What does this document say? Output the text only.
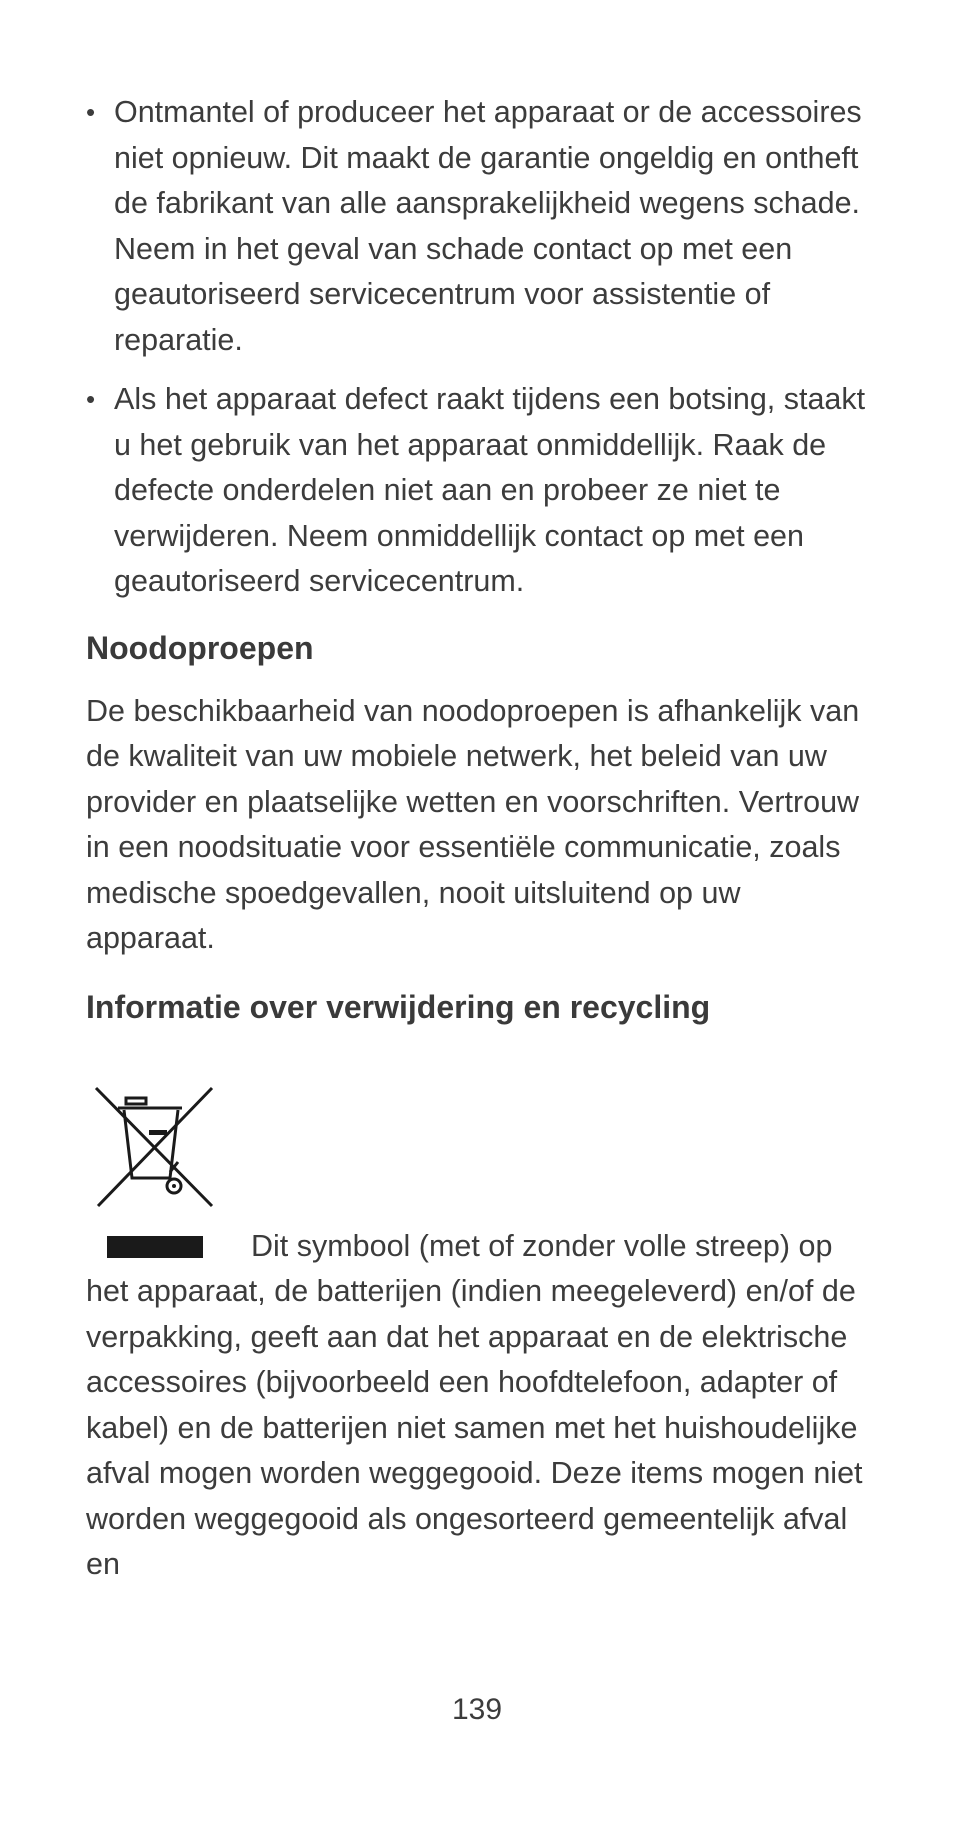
• Ontmantel of produceer het apparaat or de accessoires niet opnieuw. Dit maakt de garantie ongeldig en ontheft de fabrikant van alle aansprakelijkheid wegens schade. Neem in het geval van schade contact op met een geautoriseerd servicecentrum voor assistentie of reparatie.
• Als het apparaat defect raakt tijdens een botsing, staakt u het gebruik van het apparaat onmiddellijk. Raak de defecte onderdelen niet aan en probeer ze niet te verwijderen. Neem onmiddellijk contact op met een geautoriseerd servicecentrum.
Noodoproepen

De beschikbaarheid van noodoproepen is afhankelijk van de kwaliteit van uw mobiele netwerk, het beleid van uw provider en plaatselijke wetten en voorschriften. Vertrouw in een noodsituatie voor essentiële communicatie, zoals medische spoedgevallen, nooit uitsluitend op uw apparaat.

Informatie over verwijdering en recycling

Dit symbool (met of zonder volle streep) op het apparaat, de batterijen (indien meegeleverd) en/of de verpakking, geeft aan dat het apparaat en de elektrische accessoires (bijvoorbeeld een hoofdtelefoon, adapter of kabel) en de batterijen niet samen met het huishoudelijke afval mogen worden weggegooid. Deze items mogen niet worden weggegooid als ongesorteerd gemeentelijk afval en

139
